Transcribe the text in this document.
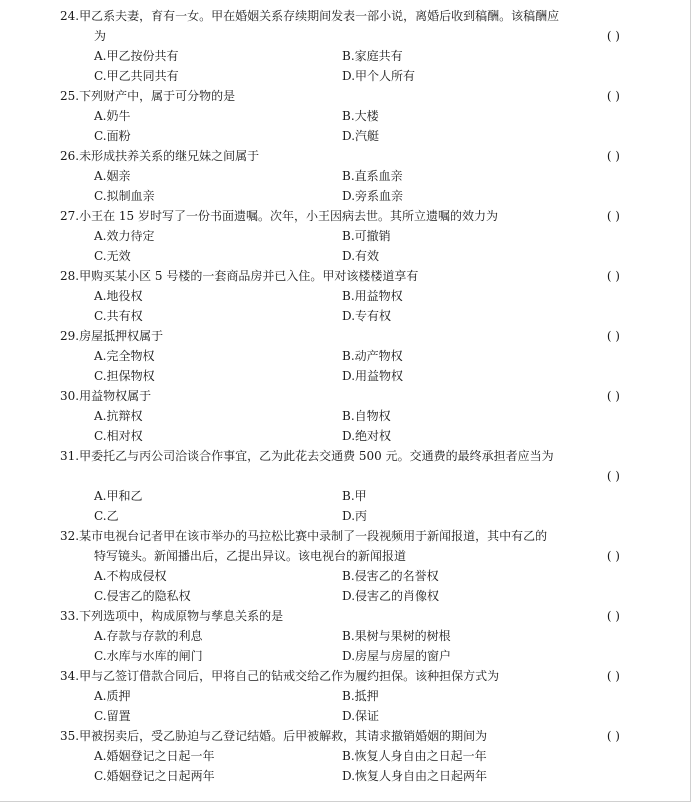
24.甲乙系夫妻，育有一女。甲在婚姻关系存续期间发表一部小说，离婚后收到稿酬。该稿酬应
为	( )
A.甲乙按份共有	B.家庭共有
C.甲乙共同共有	D.甲个人所有
25.下列财产中，属于可分物的是	( )
A.奶牛	B.大楼
C.面粉	D.汽艇
26.未形成扶养关系的继兄妹之间属于	( )
A.姻亲	B.直系血亲
C.拟制血亲	D.旁系血亲
27.小王在 15 岁时写了一份书面遗嘱。次年，小王因病去世。其所立遗嘱的效力为	( )
A.效力待定	B.可撤销
C.无效	D.有效
28.甲购买某小区 5 号楼的一套商品房并已入住。甲对该楼楼道享有	( )
A.地役权	B.用益物权
C.共有权	D.专有权
29.房屋抵押权属于	( )
A.完全物权	B.动产物权
C.担保物权	D.用益物权
30.用益物权属于	( )
A.抗辩权	B.自物权
C.相对权	D.绝对权
31.甲委托乙与丙公司洽谈合作事宜，乙为此花去交通费 500 元。交通费的最终承担者应当为
( )
A.甲和乙	B.甲
C.乙	D.丙
32.某市电视台记者甲在该市举办的马拉松比赛中录制了一段视频用于新闻报道，其中有乙的
特写镜头。新闻播出后，乙提出异议。该电视台的新闻报道	( )
A.不构成侵权	B.侵害乙的名誉权
C.侵害乙的隐私权	D.侵害乙的肖像权
33.下列选项中，构成原物与孳息关系的是	( )
A.存款与存款的利息	B.果树与果树的树根
C.水库与水库的闸门	D.房屋与房屋的窗户
34.甲与乙签订借款合同后，甲将自己的钻戒交给乙作为履约担保。该种担保方式为	( )
A.质押	B.抵押
C.留置	D.保证
35.甲被拐卖后，受乙胁迫与乙登记结婚。后甲被解救，其请求撤销婚姻的期间为	( )
A.婚姻登记之日起一年	B.恢复人身自由之日起一年
C.婚姻登记之日起两年	D.恢复人身自由之日起两年
